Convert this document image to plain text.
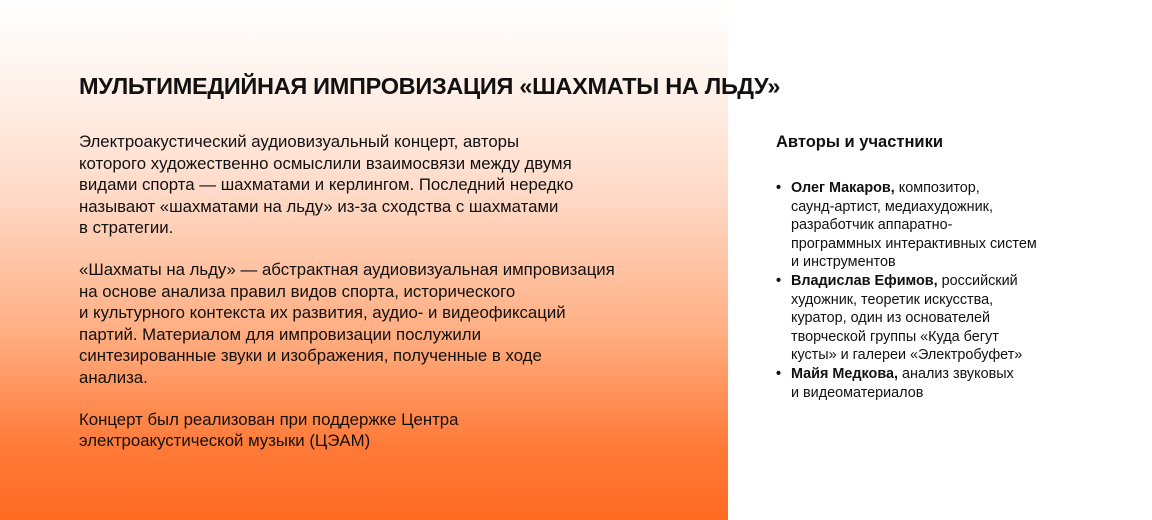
МУЛЬТИМЕДИЙНАЯ ИМПРОВИЗАЦИЯ «ШАХМАТЫ НА ЛЬДУ»

Электроакустический аудиовизуальный концерт, авторы
которого художественно осмыслили взаимосвязи между двумя
видами спорта — шахматами и керлингом. Последний нередко
называют «шахматами на льду» из-за сходства с шахматами
в стратегии.

«Шахматы на льду» — абстрактная аудиовизуальная импровизация
на основе анализа правил видов спорта, исторического
и культурного контекста их развития, аудио- и видеофиксаций
партий. Материалом для импровизации послужили
синтезированные звуки и изображения, полученные в ходе
анализа.

Концерт был реализован при поддержке Центра
электроакустической музыки (ЦЭАМ)

Авторы и участники
• Олег Макаров, композитор,
саунд-артист, медиахудожник,
разработчик аппаратно-
программных интерактивных систем
и инструментов
• Владислав Ефимов, российский
художник, теоретик искусства,
куратор, один из основателей
творческой группы «Куда бегут
кусты» и галереи «Электробуфет»
• Майя Медкова, анализ звуковых
и видеоматериалов
